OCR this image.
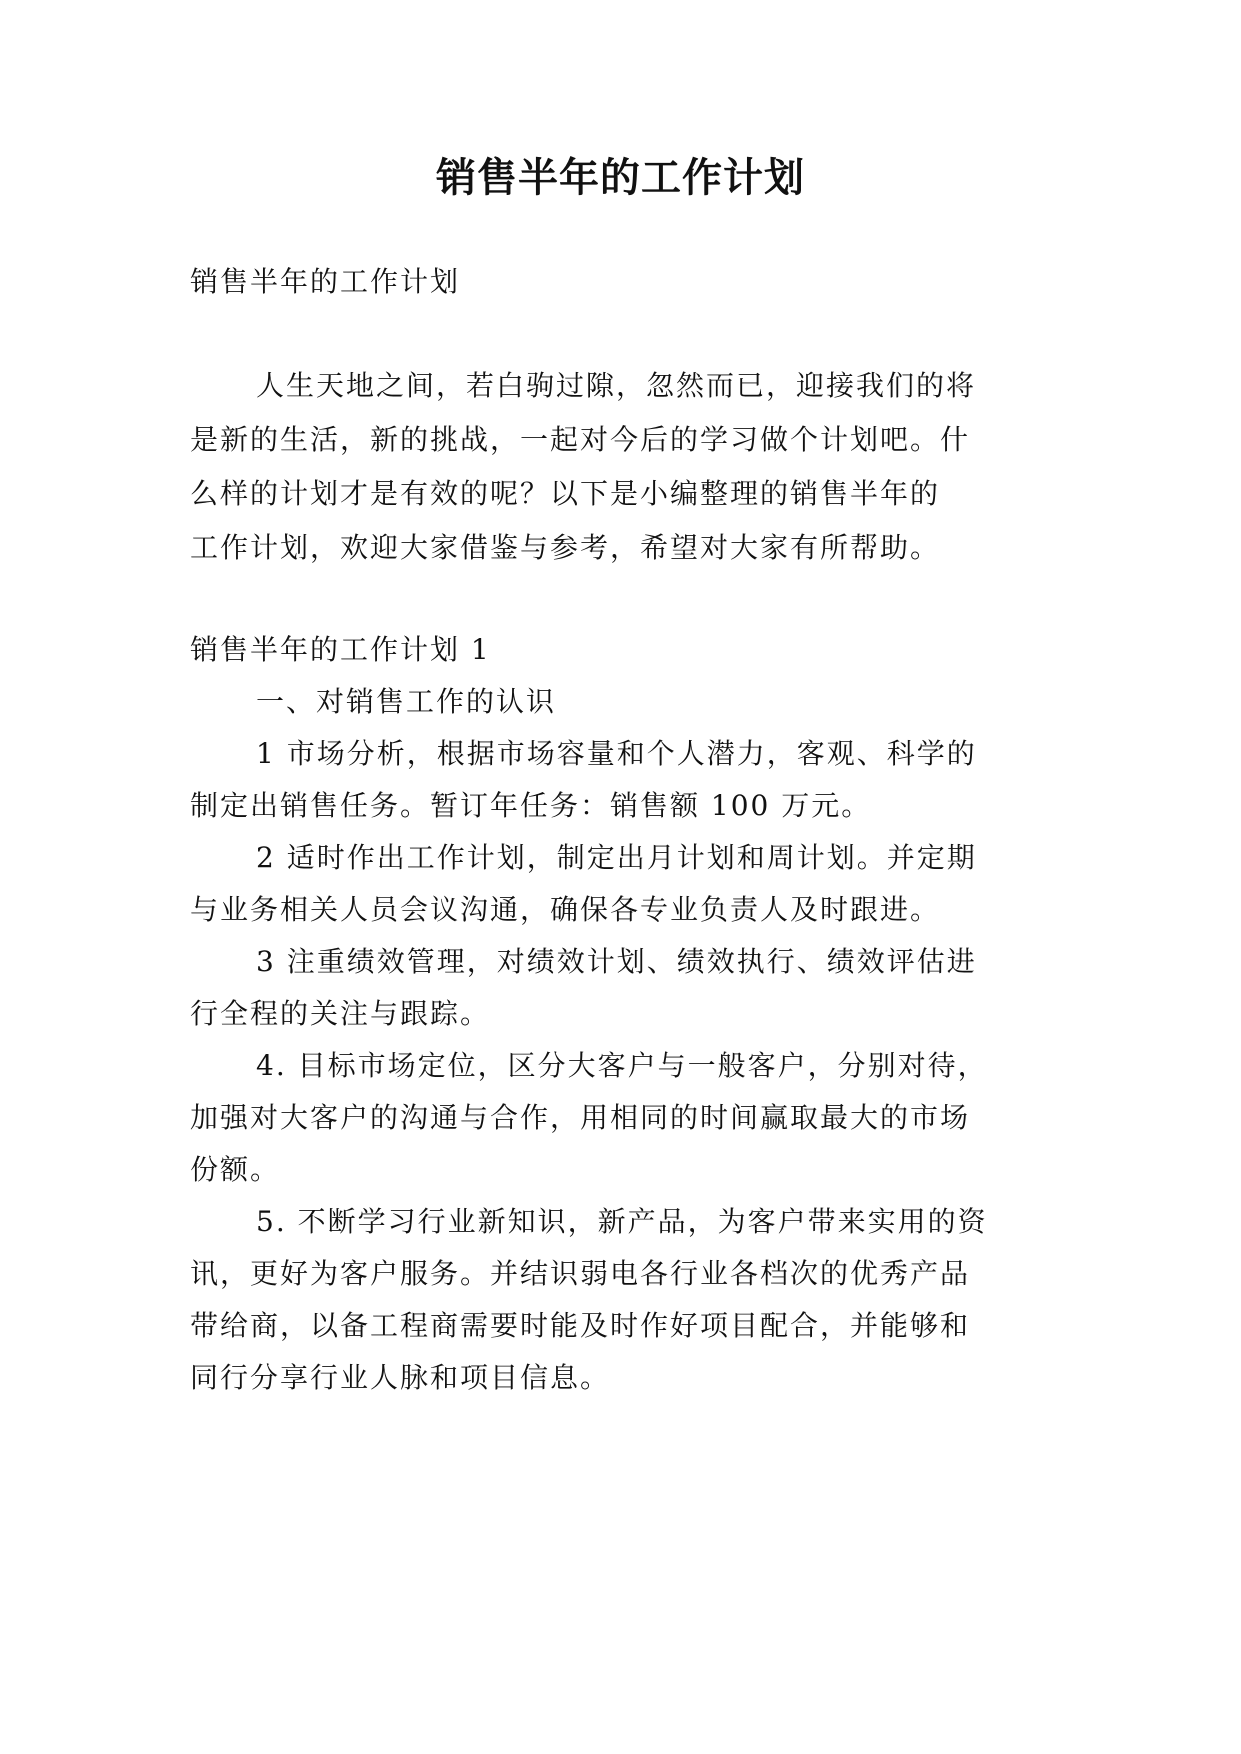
销售半年的工作计划
销售半年的工作计划
人生天地之间，若白驹过隙，忽然而已，迎接我们的将
是新的生活，新的挑战，一起对今后的学习做个计划吧。什
么样的计划才是有效的呢？以下是小编整理的销售半年的
工作计划，欢迎大家借鉴与参考，希望对大家有所帮助。
销售半年的工作计划 1
一、对销售工作的认识
1 市场分析，根据市场容量和个人潜力，客观、科学的
制定出销售任务。暂订年任务：销售额 100 万元。
2 适时作出工作计划，制定出月计划和周计划。并定期
与业务相关人员会议沟通，确保各专业负责人及时跟进。
3 注重绩效管理，对绩效计划、绩效执行、绩效评估进
行全程的关注与跟踪。
4. 目标市场定位，区分大客户与一般客户，分别对待，
加强对大客户的沟通与合作，用相同的时间赢取最大的市场
份额。
5. 不断学习行业新知识，新产品，为客户带来实用的资
讯，更好为客户服务。并结识弱电各行业各档次的优秀产品
带给商，以备工程商需要时能及时作好项目配合，并能够和
同行分享行业人脉和项目信息。
